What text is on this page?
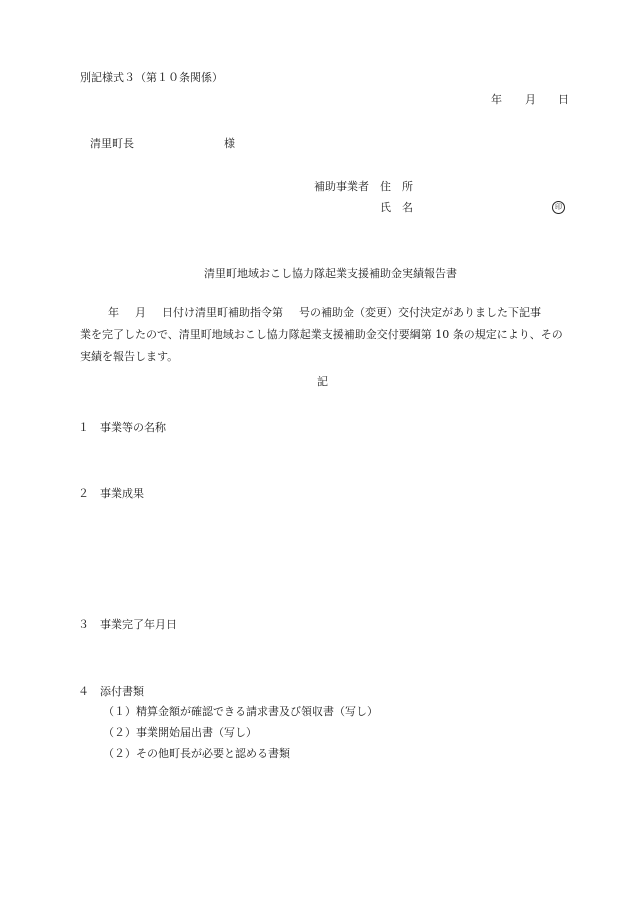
別記様式３（第１０条関係）
年 月 日
清里町長	様
補助事業者 住　所
氏　名	印
清里町地域おこし協力隊起業支援補助金実績報告書
年 月 日付け清里町補助指令第 号の補助金（変更）交付決定がありました下記事
業を完了したので、清里町地域おこし協力隊起業支援補助金交付要綱第 10 条の規定により、その
実績を報告します。
記
１ 事業等の名称
２ 事業成果
３ 事業完了年月日
４ 添付書類
（１）精算金額が確認できる請求書及び領収書（写し）
（２）事業開始届出書（写し）
（２）その他町長が必要と認める書類
